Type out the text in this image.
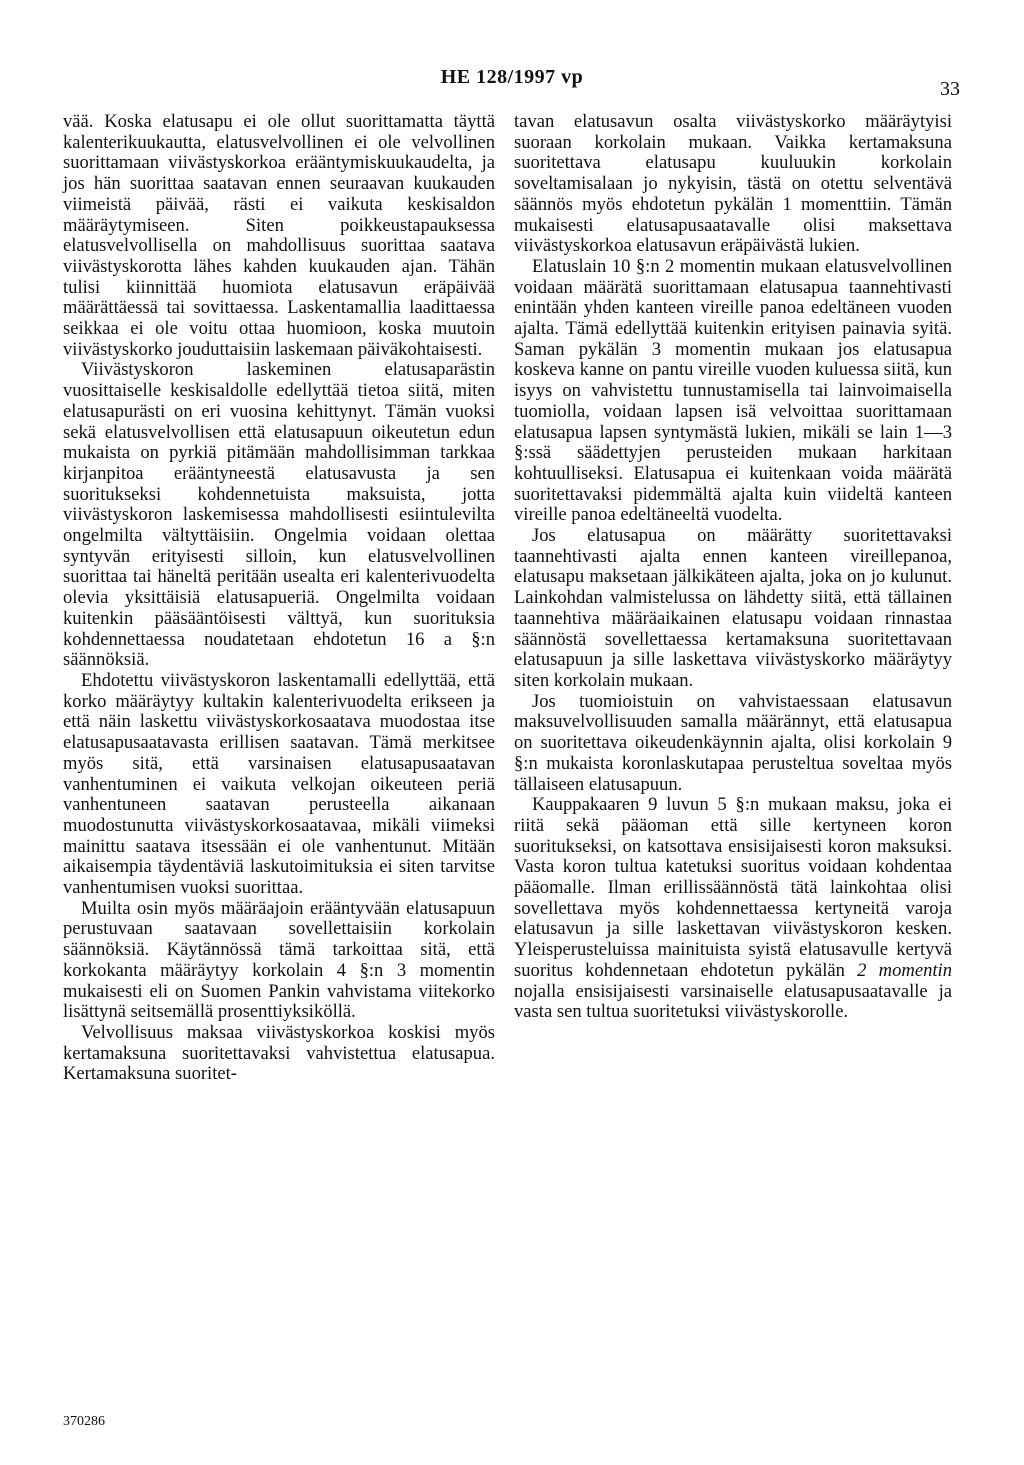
HE 128/1997 vp
33

vää. Koska elatusapu ei ole ollut suorittamatta täyttä kalenterikuukautta, elatusvelvollinen ei ole velvollinen suorittamaan viivästyskorkoa erääntymiskuukaudelta, ja jos hän suorittaa saatavan ennen seuraavan kuukauden viimeistä päivää, rästi ei vaikuta keskisaldon määräytymiseen. Siten poikkeustapauksessa elatusvelvollisella on mahdollisuus suorittaa saatava viivästyskorotta lähes kahden kuukauden ajan. Tähän tulisi kiinnittää huomiota elatusavun eräpäivää määrättäessä tai sovittaessa. Laskentamallia laadittaessa seikkaa ei ole voitu ottaa huomioon, koska muutoin viivästyskorko jouduttaisiin laskemaan päiväkohtaisesti.

Viivästyskoron laskeminen elatusaparästin vuosittaiselle keskisaldolle edellyttää tietoa siitä, miten elatusapurästi on eri vuosina kehittynyt. Tämän vuoksi sekä elatusvelvollisen että elatusapuun oikeutetun edun mukaista on pyrkiä pitämään mahdollisimman tarkkaa kirjanpitoa erääntyneestä elatusavusta ja sen suoritukseksi kohdennetuista maksuista, jotta viivästyskoron laskemisessa mahdollisesti esiintulevilta ongelmilta vältyttäisiin. Ongelmia voidaan olettaa syntyvän erityisesti silloin, kun elatusvelvollinen suorittaa tai häneltä peritään usealta eri kalenterivuodelta olevia yksittäisiä elatusapueriä. Ongelmilta voidaan kuitenkin pääsääntöisesti välttyä, kun suorituksia kohdennettaessa noudatetaan ehdotetun 16 a §:n säännöksiä.

Ehdotettu viivästyskoron laskentamalli edellyttää, että korko määräytyy kultakin kalenterivuodelta erikseen ja että näin laskettu viivästyskorkosaatava muodostaa itse elatusapusaatavasta erillisen saatavan. Tämä merkitsee myös sitä, että varsinaisen elatusapusaatavan vanhentuminen ei vaikuta velkojan oikeuteen periä vanhentuneen saatavan perusteella aikanaan muodostunutta viivästyskorkosaatavaa, mikäli viimeksi mainittu saatava itsessään ei ole vanhentunut. Mitään aikaisempia täydentäviä laskutoimituksia ei siten tarvitse vanhentumisen vuoksi suorittaa.

Muilta osin myös määräajoin erääntyvään elatusapuun perustuvaan saatavaan sovellettaisiin korkolain säännöksiä. Käytännössä tämä tarkoittaa sitä, että korkokanta määräytyy korkolain 4 §:n 3 momentin mukaisesti eli on Suomen Pankin vahvistama viitekorko lisättynä seitsemällä prosenttiyksiköllä.

Velvollisuus maksaa viivästyskorkoa koskisi myös kertamaksuna suoritettavaksi vahvistettua elatusapua. Kertamaksuna suoritet-

tavan elatusavun osalta viivästyskorko määräytyisi suoraan korkolain mukaan. Vaikka kertamaksuna suoritettava elatusapu kuuluukin korkolain soveltamisalaan jo nykyisin, tästä on otettu selventävä säännös myös ehdotetun pykälän 1 momenttiin. Tämän mukaisesti elatusapusaatavalle olisi maksettava viivästyskorkoa elatusavun eräpäivästä lukien.

Elatuslain 10 §:n 2 momentin mukaan elatusvelvollinen voidaan määrätä suorittamaan elatusapua taannehtivasti enintään yhden kanteen vireille panoa edeltäneen vuoden ajalta. Tämä edellyttää kuitenkin erityisen painavia syitä. Saman pykälän 3 momentin mukaan jos elatusapua koskeva kanne on pantu vireille vuoden kuluessa siitä, kun isyys on vahvistettu tunnustamisella tai lainvoimaisella tuomiolla, voidaan lapsen isä velvoittaa suorittamaan elatusapua lapsen syntymästä lukien, mikäli se lain 1—3 §:ssä säädettyjen perusteiden mukaan harkitaan kohtuulliseksi. Elatusapua ei kuitenkaan voida määrätä suoritettavaksi pidemmältä ajalta kuin viideltä kanteen vireille panoa edeltäneeltä vuodelta.

Jos elatusapua on määrätty suoritettavaksi taannehtivasti ajalta ennen kanteen vireillepanoa, elatusapu maksetaan jälkikäteen ajalta, joka on jo kulunut. Lainkohdan valmistelussa on lähdetty siitä, että tällainen taannehtiva määräaikainen elatusapu voidaan rinnastaa säännöstä sovellettaessa kertamaksuna suoritettavaan elatusapuun ja sille laskettava viivästyskorko määräytyy siten korkolain mukaan.

Jos tuomioistuin on vahvistaessaan elatusavun maksuvelvollisuuden samalla määrännyt, että elatusapua on suoritettava oikeudenkäynnin ajalta, olisi korkolain 9 §:n mukaista koronlaskutapaa perusteltua soveltaa myös tällaiseen elatusapuun.

Kauppakaaren 9 luvun 5 §:n mukaan maksu, joka ei riitä sekä pääoman että sille kertyneen koron suoritukseksi, on katsottava ensisijaisesti koron maksuksi. Vasta koron tultua katetuksi suoritus voidaan kohdentaa pääomalle. Ilman erillissäännöstä tätä lainkohtaa olisi sovellettava myös kohdennettaessa kertyneitä varoja elatusavun ja sille laskettavan viivästyskoron kesken. Yleisperusteluissa mainituista syistä elatusavulle kertyvä suoritus kohdennetaan ehdotetun pykälän 2 momentin nojalla ensisijaisesti varsinaiselle elatusapusaatavalle ja vasta sen tultua suoritetuksi viivästyskorolle.

370286
